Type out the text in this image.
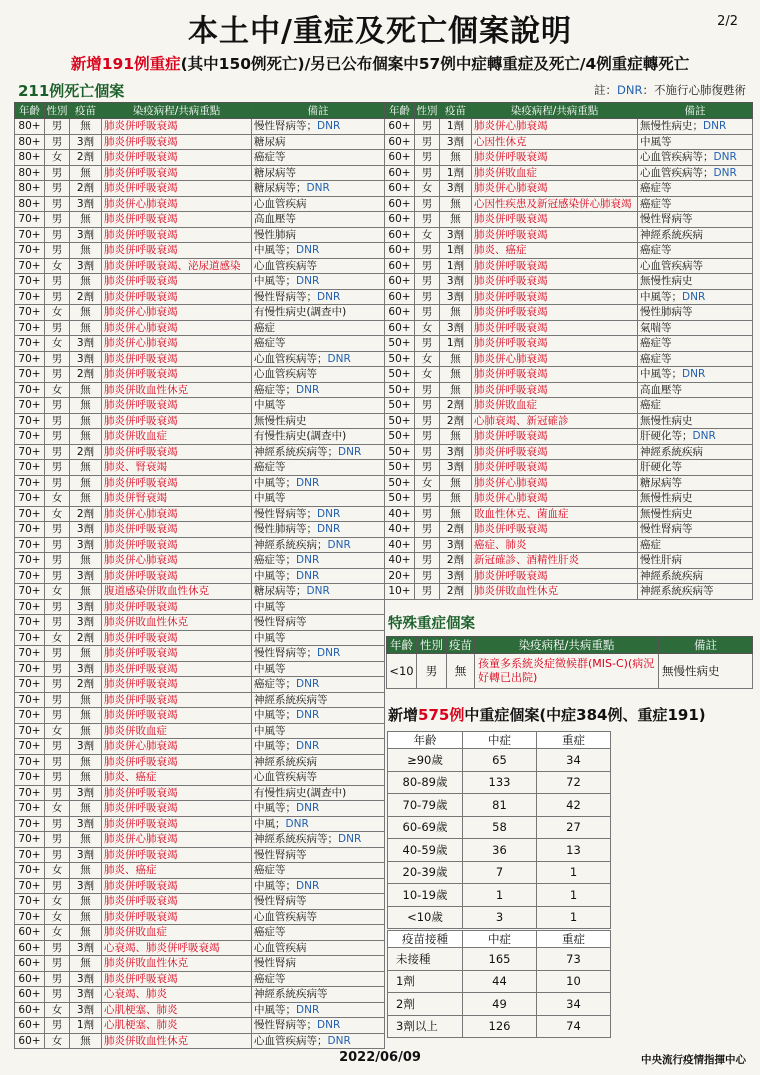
2/2
本土中/重症及死亡個案說明
新增191例重症(其中150例死亡)/另已公布個案中57例中症轉重症及死亡/4例重症轉死亡
211例死亡個案	註：DNR：不施行心肺復甦術
年齡	性別	疫苗	染疫病程/共病重點	備註
80+	男	無	肺炎併呼吸衰竭	慢性腎病等；DNR
80+	男	3劑	肺炎併呼吸衰竭	糖尿病
80+	女	2劑	肺炎併呼吸衰竭	癌症等
80+	男	無	肺炎併呼吸衰竭	糖尿病等
80+	男	2劑	肺炎併呼吸衰竭	糖尿病等；DNR
80+	男	3劑	肺炎併心肺衰竭	心血管疾病
70+	男	無	肺炎併呼吸衰竭	高血壓等
70+	男	3劑	肺炎併呼吸衰竭	慢性肺病
70+	男	無	肺炎併呼吸衰竭	中風等；DNR
70+	女	3劑	肺炎併呼吸衰竭、泌尿道感染	心血管疾病等
70+	男	無	肺炎併呼吸衰竭	中風等；DNR
70+	男	2劑	肺炎併呼吸衰竭	慢性腎病等；DNR
70+	女	無	肺炎併心肺衰竭	有慢性病史(調查中)
70+	男	無	肺炎併心肺衰竭	癌症
70+	女	3劑	肺炎併心肺衰竭	癌症等
70+	男	3劑	肺炎併呼吸衰竭	心血管疾病等；DNR
70+	男	2劑	肺炎併呼吸衰竭	心血管疾病等
70+	女	無	肺炎併敗血性休克	癌症等；DNR
70+	男	無	肺炎併呼吸衰竭	中風等
70+	男	無	肺炎併呼吸衰竭	無慢性病史
70+	男	無	肺炎併敗血症	有慢性病史(調查中)
70+	男	2劑	肺炎併呼吸衰竭	神經系統疾病等；DNR
70+	男	無	肺炎、腎衰竭	癌症等
70+	男	無	肺炎併呼吸衰竭	中風等；DNR
70+	女	無	肺炎併腎衰竭	中風等
70+	女	2劑	肺炎併心肺衰竭	慢性腎病等；DNR
70+	男	3劑	肺炎併呼吸衰竭	慢性肺病等；DNR
70+	男	3劑	肺炎併呼吸衰竭	神經系統疾病；DNR
70+	男	無	肺炎併心肺衰竭	癌症等；DNR
70+	男	3劑	肺炎併呼吸衰竭	中風等；DNR
70+	女	無	腹道感染併敗血性休克	糖尿病等；DNR
70+	男	3劑	肺炎併呼吸衰竭	中風等
70+	男	3劑	肺炎併敗血性休克	慢性腎病等
70+	女	2劑	肺炎併呼吸衰竭	中風等
70+	男	無	肺炎併呼吸衰竭	慢性腎病等；DNR
70+	男	3劑	肺炎併呼吸衰竭	中風等
70+	男	2劑	肺炎併呼吸衰竭	癌症等；DNR
70+	男	無	肺炎併呼吸衰竭	神經系統疾病等
70+	男	無	肺炎併呼吸衰竭	中風等；DNR
70+	女	無	肺炎併敗血症	中風等
70+	男	3劑	肺炎併心肺衰竭	中風等；DNR
70+	男	無	肺炎併呼吸衰竭	神經系統疾病
70+	男	無	肺炎、癌症	心血管疾病等
70+	男	3劑	肺炎併呼吸衰竭	有慢性病史(調查中)
70+	女	無	肺炎併呼吸衰竭	中風等；DNR
70+	男	3劑	肺炎併呼吸衰竭	中風；DNR
70+	男	無	肺炎併心肺衰竭	神經系統疾病等；DNR
70+	男	3劑	肺炎併呼吸衰竭	慢性腎病等
70+	女	無	肺炎、癌症	癌症等
70+	男	3劑	肺炎併呼吸衰竭	中風等；DNR
70+	女	無	肺炎併呼吸衰竭	慢性腎病等
70+	女	無	肺炎併呼吸衰竭	心血管疾病等
60+	女	無	肺炎併敗血症	癌症等
60+	男	3劑	心衰竭、肺炎併呼吸衰竭	心血管疾病
60+	男	無	肺炎併敗血性休克	慢性腎病
60+	男	3劑	肺炎併呼吸衰竭	癌症等
60+	男	3劑	心衰竭、肺炎	神經系統疾病等
60+	女	3劑	心肌梗塞、肺炎	中風等；DNR
60+	男	1劑	心肌梗塞、肺炎	慢性腎病等；DNR
60+	女	無	肺炎併敗血性休克	心血管疾病等；DNR
年齡	性別	疫苗	染疫病程/共病重點	備註
60+	男	1劑	肺炎併心肺衰竭	無慢性病史；DNR
60+	男	3劑	心因性休克	中風等
60+	男	無	肺炎併呼吸衰竭	心血管疾病等；DNR
60+	男	1劑	肺炎併敗血症	心血管疾病等；DNR
60+	女	3劑	肺炎併心肺衰竭	癌症等
60+	男	無	心因性疾患及新冠感染併心肺衰竭	癌症等
60+	男	無	肺炎併呼吸衰竭	慢性腎病等
60+	女	3劑	肺炎併呼吸衰竭	神經系統疾病
60+	男	1劑	肺炎、癌症	癌症等
60+	男	1劑	肺炎併呼吸衰竭	心血管疾病等
60+	男	3劑	肺炎併呼吸衰竭	無慢性病史
60+	男	3劑	肺炎併呼吸衰竭	中風等；DNR
60+	男	無	肺炎併呼吸衰竭	慢性肺病等
60+	女	3劑	肺炎併呼吸衰竭	氣喘等
50+	男	1劑	肺炎併呼吸衰竭	癌症等
50+	女	無	肺炎併心肺衰竭	癌症等
50+	女	無	肺炎併呼吸衰竭	中風等；DNR
50+	男	無	肺炎併呼吸衰竭	高血壓等
50+	男	2劑	肺炎併敗血症	癌症
50+	男	2劑	心肺衰竭、新冠確診	無慢性病史
50+	男	無	肺炎併呼吸衰竭	肝硬化等；DNR
50+	男	3劑	肺炎併呼吸衰竭	神經系統疾病
50+	男	3劑	肺炎併呼吸衰竭	肝硬化等
50+	女	無	肺炎併心肺衰竭	糖尿病等
50+	男	無	肺炎併心肺衰竭	無慢性病史
40+	男	無	敗血性休克、菌血症	無慢性病史
40+	男	2劑	肺炎併呼吸衰竭	慢性腎病等
40+	男	3劑	癌症、肺炎	癌症
40+	男	2劑	新冠確診、酒精性肝炎	慢性肝病
20+	男	3劑	肺炎併呼吸衰竭	神經系統疾病
10+	男	2劑	肺炎併敗血性休克	神經系統疾病等
特殊重症個案
年齡	性別	疫苗	染疫病程/共病重點	備註
<10	男	無	孩童多系統炎症徵候群(MIS-C)(病況好轉已出院)	無慢性病史
新增575例中重症個案(中症384例、重症191)
年齡	中症	重症
≥90歲	65	34
80-89歲	133	72
70-79歲	81	42
60-69歲	58	27
40-59歲	36	13
20-39歲	7	1
10-19歲	1	1
<10歲	3	1
疫苗接種	中症	重症
未接種	165	73
1劑	44	10
2劑	49	34
3劑以上	126	74
2022/06/09	中央流行疫情指揮中心
